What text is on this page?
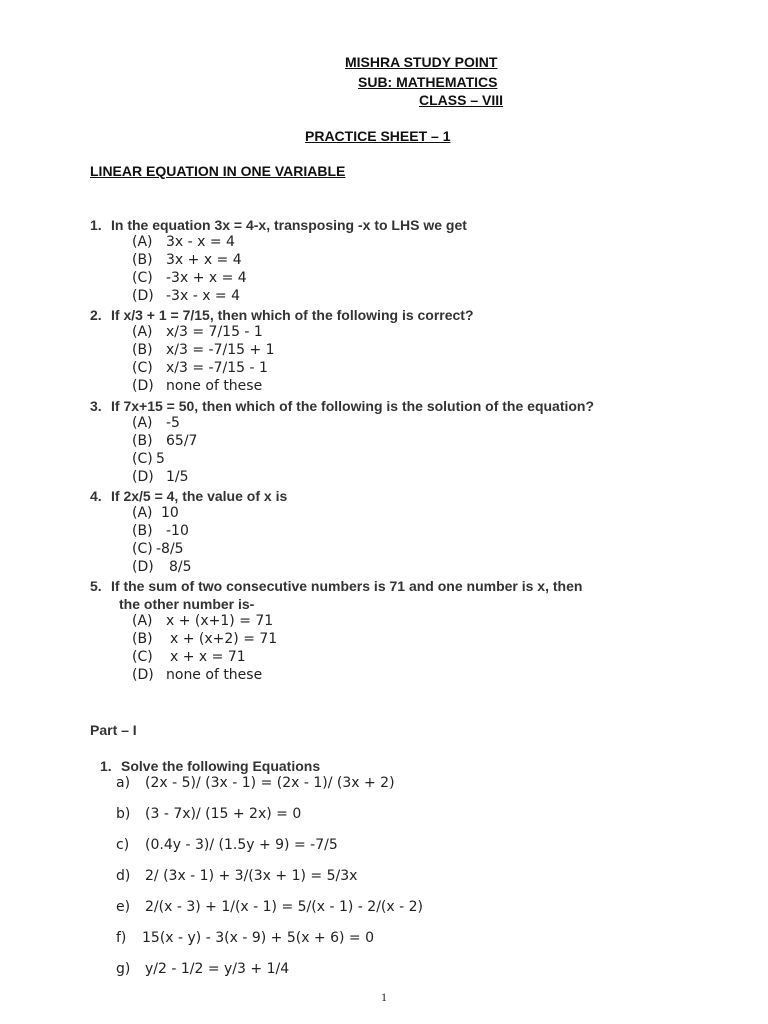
MISHRA STUDY POINT
SUB: MATHEMATICS
CLASS – VIII
PRACTICE SHEET – 1
LINEAR EQUATION IN ONE VARIABLE
1. In the equation 3x = 4-x, transposing -x to LHS we get
(A) 3x - x = 4
(B) 3x + x = 4
(C) -3x + x = 4
(D) -3x - x = 4
2. If x/3 + 1 = 7/15, then which of the following is correct?
(A) x/3 = 7/15 - 1
(B) x/3 = -7/15 + 1
(C) x/3 = -7/15 - 1
(D) none of these
3. If 7x+15 = 50, then which of the following is the solution of the equation?
(A) -5
(B) 65/7
(C) 5
(D) 1/5
4. If 2x/5 = 4, the value of x is
(A) 10
(B) -10
(C) -8/5
(D) 8/5
5. If the sum of two consecutive numbers is 71 and one number is x, then
the other number is-
(A) x + (x+1) = 71
(B) x + (x+2) = 71
(C) x + x = 71
(D) none of these
Part – I
1. Solve the following Equations
a) (2x - 5)/ (3x - 1) = (2x - 1)/ (3x + 2)
b) (3 - 7x)/ (15 + 2x) = 0
c) (0.4y - 3)/ (1.5y + 9) = -7/5
d) 2/ (3x - 1) + 3/(3x + 1) = 5/3x
e) 2/(x - 3) + 1/(x - 1) = 5/(x - 1) - 2/(x - 2)
f) 15(x - y) - 3(x - 9) + 5(x + 6) = 0
g) y/2 - 1/2 = y/3 + 1/4
1
